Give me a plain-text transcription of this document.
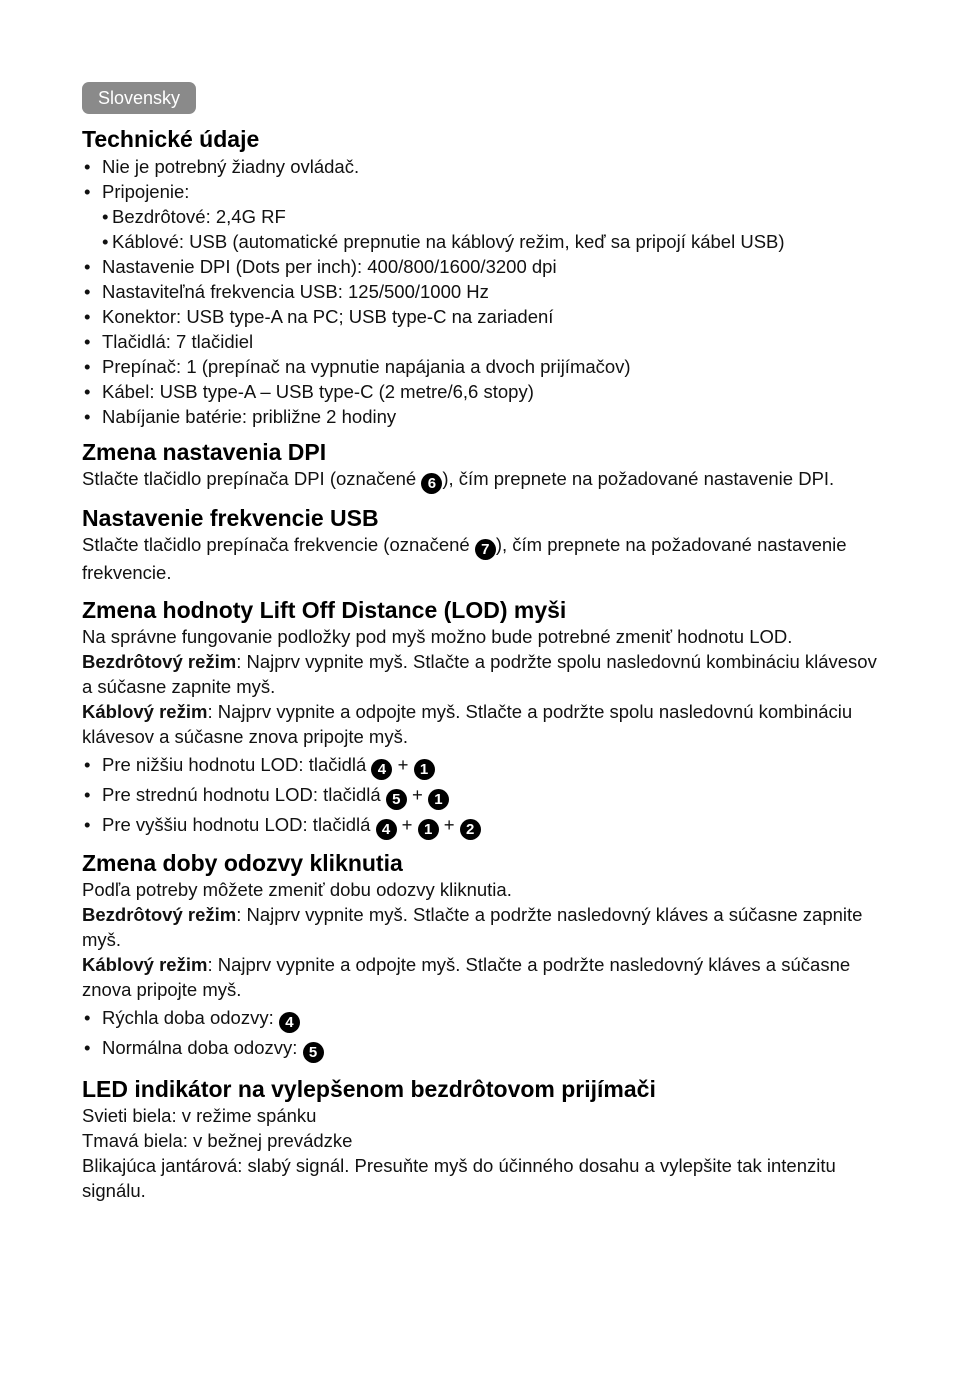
Slovensky
Technické údaje
• Nie je potrebný žiadny ovládač.
• Pripojenie:
• Bezdrôtové: 2,4G RF
• Káblové: USB (automatické prepnutie na káblový režim, keď sa pripojí kábel USB)
• Nastavenie DPI (Dots per inch): 400/800/1600/3200 dpi
• Nastaviteľná frekvencia USB: 125/500/1000 Hz
• Konektor: USB type-A na PC; USB type-C na zariadení
• Tlačidlá: 7 tlačidiel
• Prepínač: 1 (prepínač na vypnutie napájania a dvoch prijímačov)
• Kábel: USB type-A – USB type-C (2 metre/6,6 stopy)
• Nabíjanie batérie: približne 2 hodiny
Zmena nastavenia DPI

Stlačte tlačidlo prepínača DPI (označené 6 ), čím prepnete na požadované nastavenie DPI.

Nastavenie frekvencie USB

Stlačte tlačidlo prepínača frekvencie (označené 7 ), čím prepnete na požadované nastavenie frekvencie.

Zmena hodnoty Lift Off Distance (LOD) myši

Na správne fungovanie podložky pod myš možno bude potrebné zmeniť hodnotu LOD.

Bezdrôtový režim: Najprv vypnite myš. Stlačte a podržte spolu nasledovnú kombináciu klávesov a súčasne zapnite myš.

Káblový režim: Najprv vypnite a odpojte myš. Stlačte a podržte spolu nasledovnú kombináciu klávesov a súčasne znova pripojte myš.

• Pre nižšiu hodnotu LOD: tlačidlá 4 + 1
• Pre strednú hodnotu LOD: tlačidlá 5 + 1
• Pre vyššiu hodnotu LOD: tlačidlá 4 + 1 + 2
Zmena doby odozvy kliknutia

Podľa potreby môžete zmeniť dobu odozvy kliknutia.

Bezdrôtový režim: Najprv vypnite myš. Stlačte a podržte nasledovný kláves a súčasne zapnite myš.

Káblový režim: Najprv vypnite a odpojte myš. Stlačte a podržte nasledovný kláves a súčasne znova pripojte myš.

• Rýchla doba odozvy: 4
• Normálna doba odozvy: 5
LED indikátor na vylepšenom bezdrôtovom prijímači

Svieti biela: v režime spánku

Tmavá biela: v bežnej prevádzke

Blikajúca jantárová: slabý signál. Presuňte myš do účinného dosahu a vylepšite tak intenzitu signálu.
